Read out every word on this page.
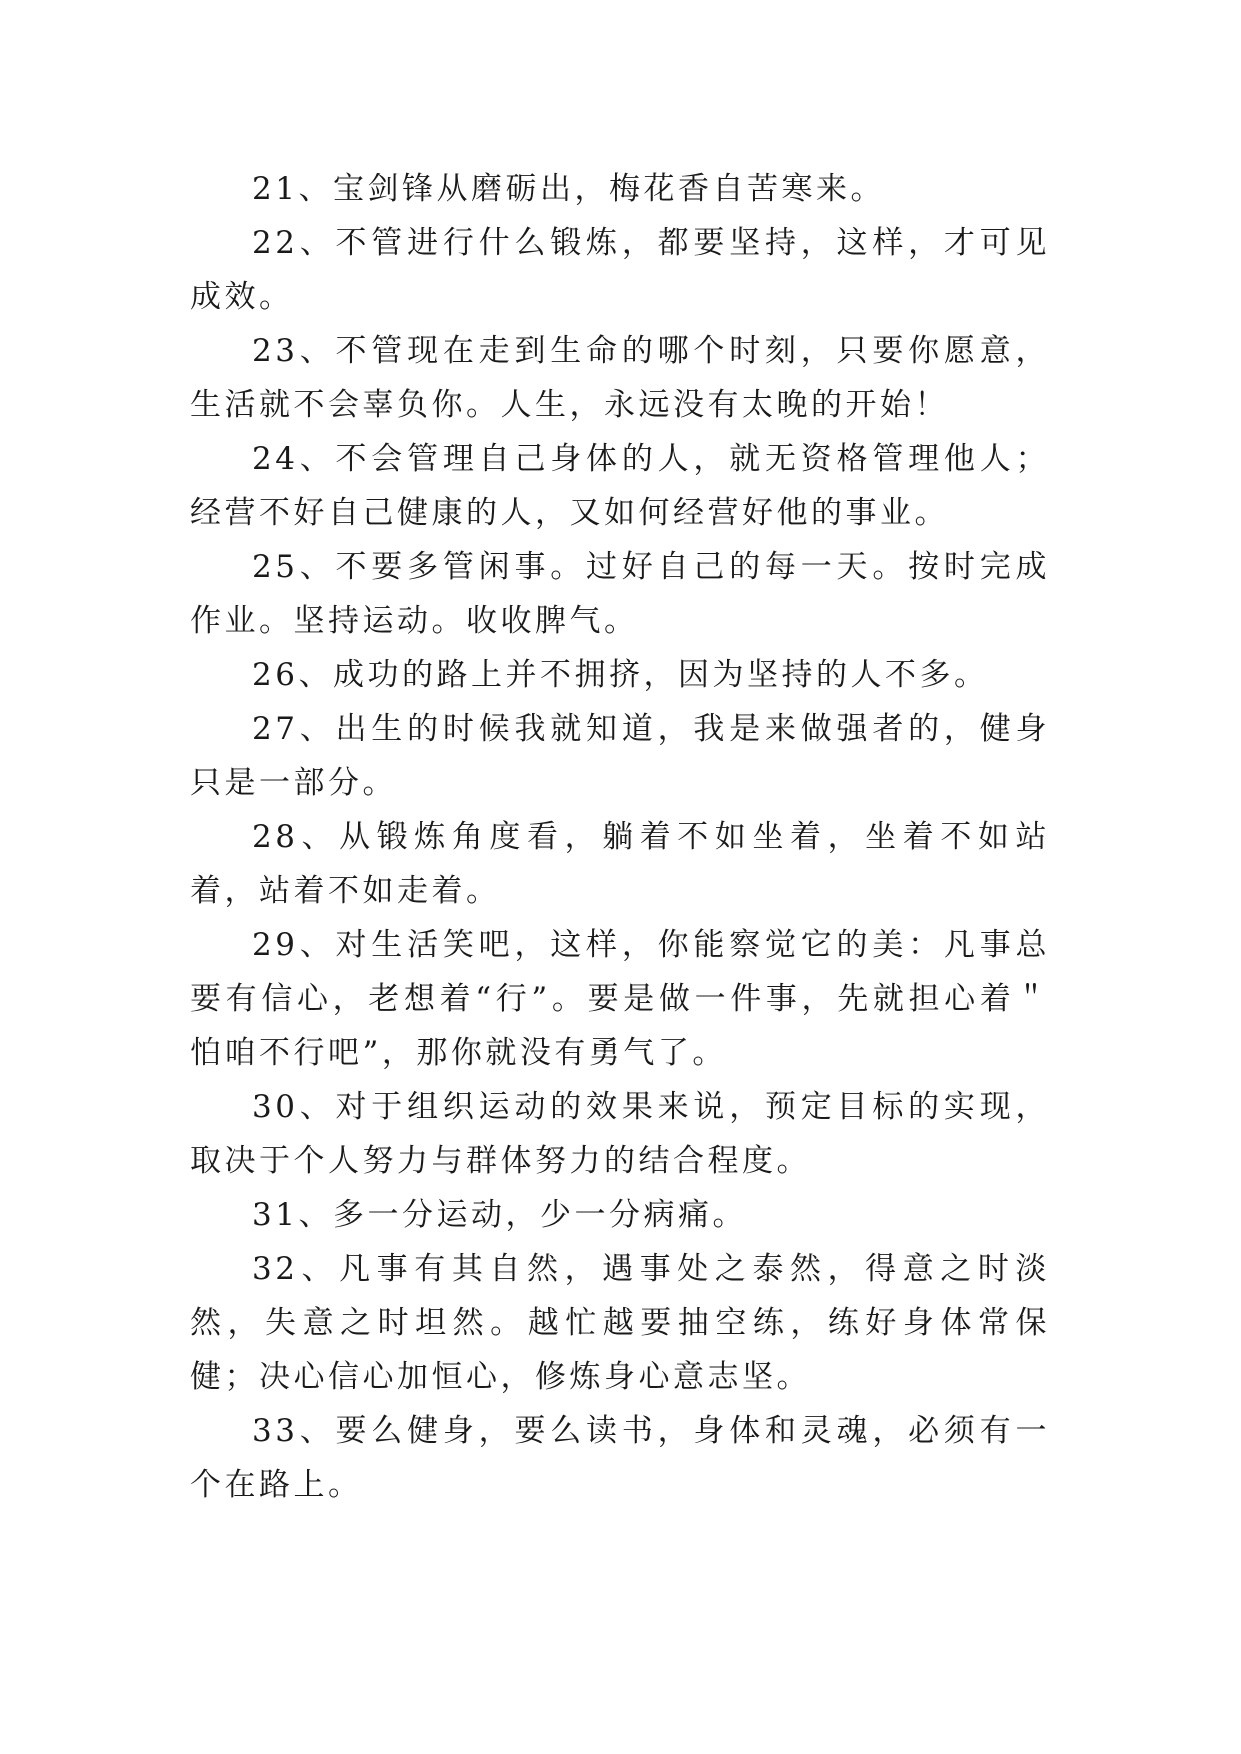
21、宝剑锋从磨砺出，梅花香自苦寒来。

22、不管进行什么锻炼，都要坚持，这样，才可见成效。

23、不管现在走到生命的哪个时刻，只要你愿意，生活就不会辜负你。人生，永远没有太晚的开始！

24、不会管理自己身体的人，就无资格管理他人；经营不好自己健康的人，又如何经营好他的事业。

25、不要多管闲事。过好自己的每一天。按时完成作业。坚持运动。收收脾气。

26、成功的路上并不拥挤，因为坚持的人不多。

27、出生的时候我就知道，我是来做强者的，健身只是一部分。

28、从锻炼角度看，躺着不如坐着，坐着不如站着，站着不如走着。

29、对生活笑吧，这样，你能察觉它的美：凡事总要有信心，老想着“行”。要是做一件事，先就担心着＂怕咱不行吧”，那你就没有勇气了。

30、对于组织运动的效果来说，预定目标的实现，取决于个人努力与群体努力的结合程度。

31、多一分运动，少一分病痛。

32、凡事有其自然，遇事处之泰然，得意之时淡然，失意之时坦然。越忙越要抽空练，练好身体常保健；决心信心加恒心，修炼身心意志坚。

33、要么健身，要么读书，身体和灵魂，必须有一个在路上。
